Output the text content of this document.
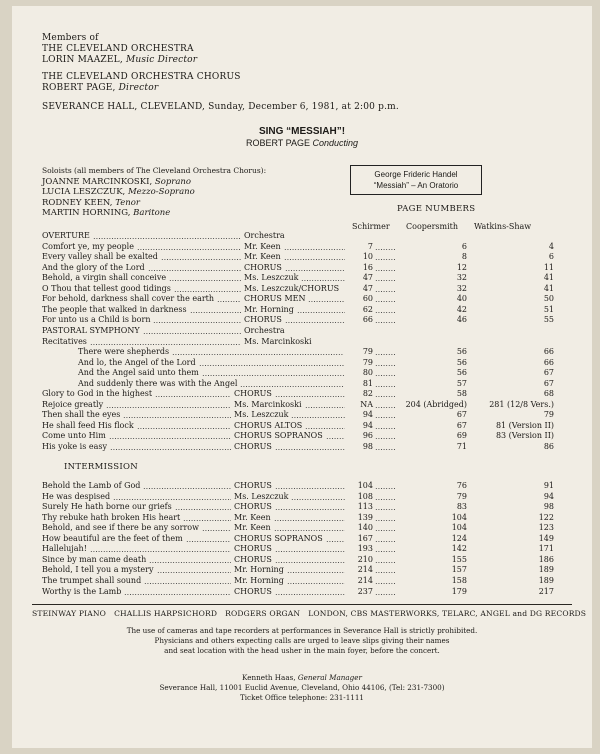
Members of
THE CLEVELAND ORCHESTRA
LORIN MAAZEL, Music Director
THE CLEVELAND ORCHESTRA CHORUS
ROBERT PAGE, Director
SEVERANCE HALL, CLEVELAND, Sunday, December 6, 1981, at 2:00 p.m.
SING “MESSIAH”!
ROBERT PAGE Conducting
Soloists (all members of The Cleveland Orchestra Chorus):
JOANNE MARCINKOSKI, Soprano
LUCIA LESZCZUK, Mezzo-Soprano
RODNEY KEEN, Tenor
MARTIN HORNING, Baritone
George Frideric Handel
“Messiah” – An Oratorio
PAGE NUMBERS
Schirmer Coopersmith Watkins-Shaw
OVERTURE	Orchestra
Comfort ye, my people	Mr. Keen	7	6	4
Every valley shall be exalted	Mr. Keen	10	8	6
And the glory of the Lord	CHORUS	16	12	11
Behold, a virgin shall conceive	Ms. Leszczuk	47	32	41
O Thou that tellest good tidings	Ms. Leszczuk/CHORUS	47	32	41
For behold, darkness shall cover the earth	CHORUS MEN	60	40	50
The people that walked in darkness	Mr. Horning	62	42	51
For unto us a Child is born	CHORUS	66	46	55
PASTORAL SYMPHONY	Orchestra
Recitatives	Ms. Marcinkoski
There were shepherds	79	56	66
And lo, the Angel of the Lord	79	56	66
And the Angel said unto them	80	56	67
And suddenly there was with the Angel	81	57	67
Glory to God in the highest	CHORUS	82	58	68
Rejoice greatly	Ms. Marcinkoski	NA	204 (Abridged)	281 (12/8 Vers.)
Then shall the eyes	Ms. Leszczuk	94	67	79
He shall feed His flock	CHORUS ALTOS	94	67	81 (Version II)
Come unto Him	CHORUS SOPRANOS	96	69	83 (Version II)
His yoke is easy	CHORUS	98	71	86
Behold the Lamb of God	CHORUS	104	76	91
He was despised	Ms. Leszczuk	108	79	94
Surely He hath borne our griefs	CHORUS	113	83	98
Thy rebuke hath broken His heart	Mr. Keen	139	104	122
Behold, and see if there be any sorrow	Mr. Keen	140	104	123
How beautiful are the feet of them	CHORUS SOPRANOS	167	124	149
Hallelujah!	CHORUS	193	142	171
Since by man came death	CHORUS	210	155	186
Behold, I tell you a mystery	Mr. Horning	214	157	189
The trumpet shall sound	Mr. Horning	214	158	189
Worthy is the Lamb	CHORUS	237	179	217
INTERMISSION
STEINWAY PIANO CHALLIS HARPSICHORD RODGERS ORGAN LONDON, CBS MASTERWORKS, TELARC, ANGEL and DG RECORDS
The use of cameras and tape recorders at performances in Severance Hall is strictly prohibited.
Physicians and others expecting calls are urged to leave slips giving their names
and seat location with the head usher in the main foyer, before the concert.
Kenneth Haas, General Manager
Severance Hall, 11001 Euclid Avenue, Cleveland, Ohio 44106, (Tel: 231-7300)
Ticket Office telephone: 231-1111
